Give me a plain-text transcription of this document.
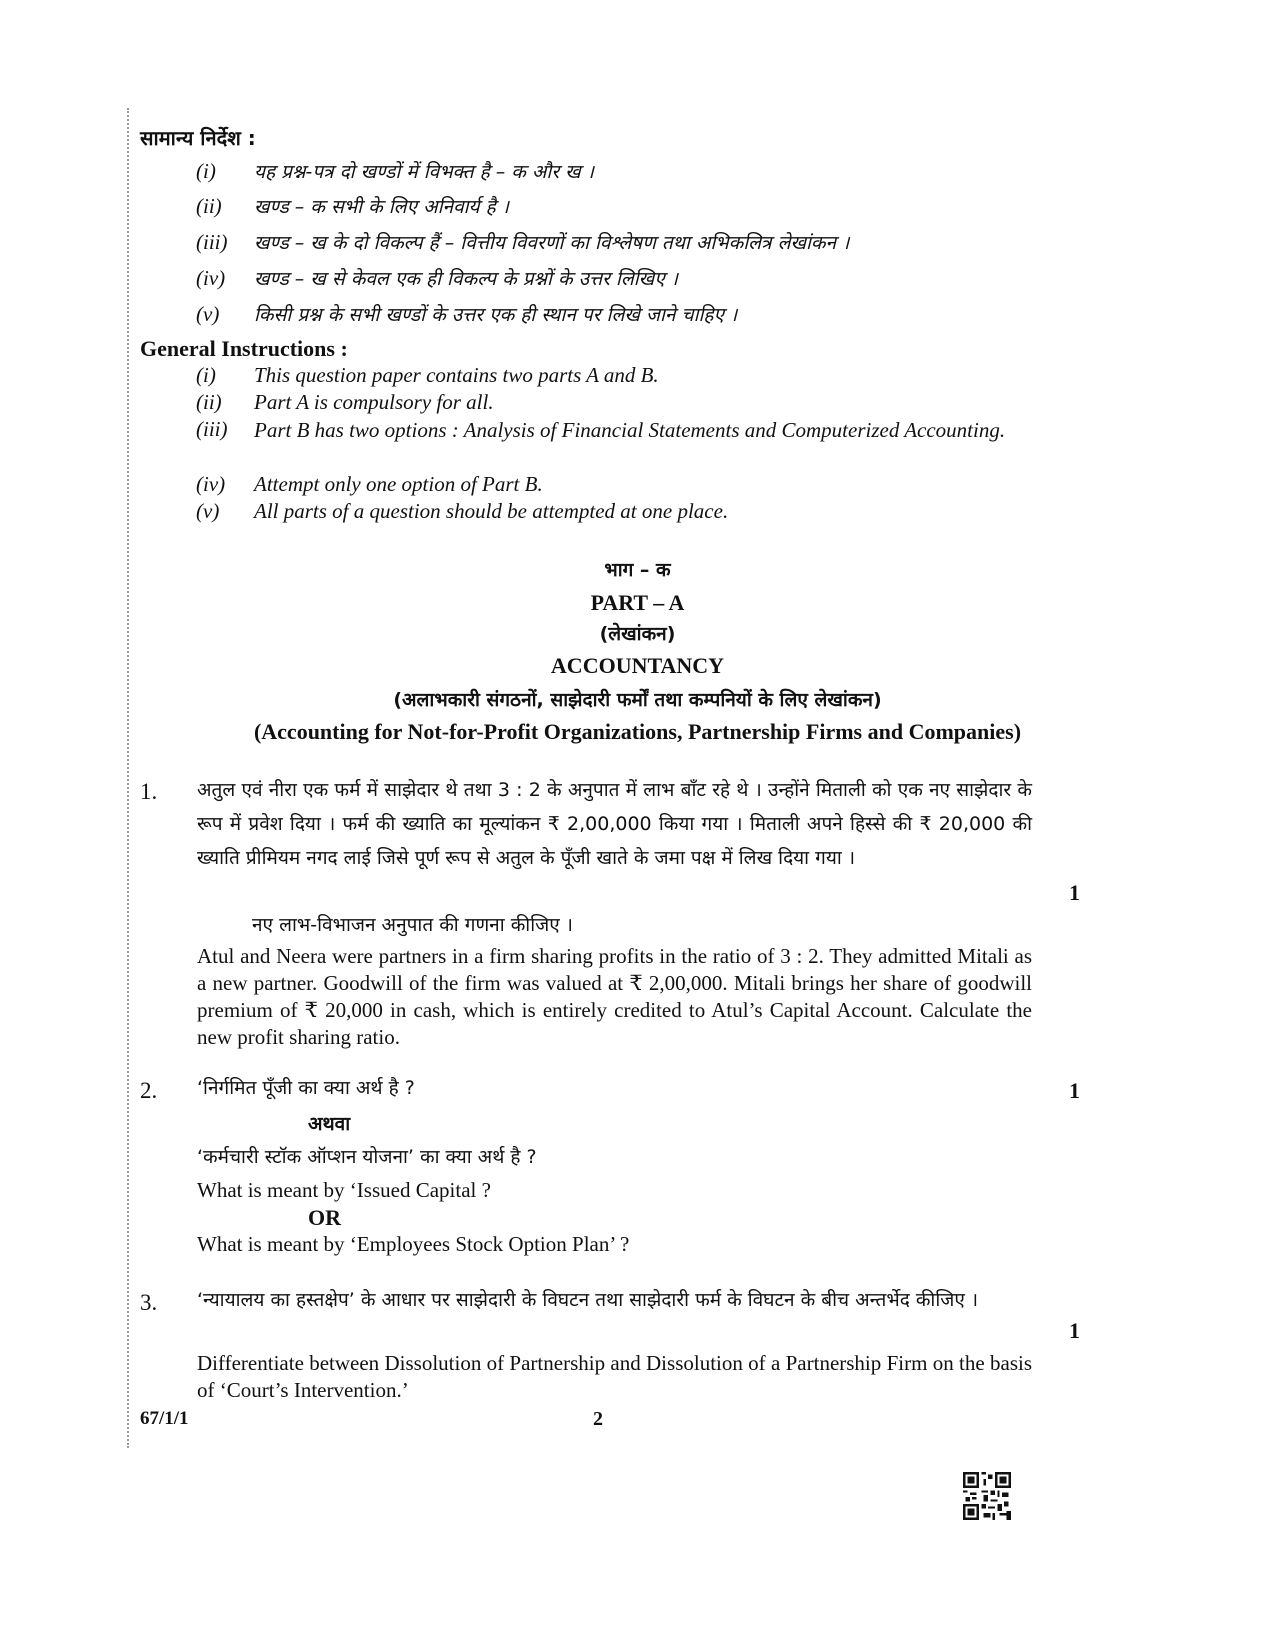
सामान्य निर्देश :
(i) यह प्रश्न-पत्र दो खण्डों में विभक्त है – क और ख ।
(ii) खण्ड – क सभी के लिए अनिवार्य है ।
(iii) खण्ड – ख के दो विकल्प हैं – वित्तीय विवरणों का विश्लेषण तथा अभिकलित्र लेखांकन ।
(iv) खण्ड – ख से केवल एक ही विकल्प के प्रश्नों के उत्तर लिखिए ।
(v) किसी प्रश्न के सभी खण्डों के उत्तर एक ही स्थान पर लिखे जाने चाहिए ।
General Instructions :
(i) This question paper contains two parts A and B.
(ii) Part A is compulsory for all.
(iii)	Part B has two options : Analysis of Financial Statements and Computerized Accounting.
(iv) Attempt only one option of Part B.
(v) All parts of a question should be attempted at one place.
भाग – क
PART – A
(लेखांकन)
ACCOUNTANCY
(अलाभकारी संगठनों, साझेदारी फर्मों तथा कम्पनियों के लिए लेखांकन)
(Accounting for Not-for-Profit Organizations, Partnership Firms and Companies)
1. अतुल एवं नीरा एक फर्म में साझेदार थे तथा 3 : 2 के अनुपात में लाभ बाँट रहे थे । उन्होंने मिताली को एक नए साझेदार के रूप में प्रवेश दिया । फर्म की ख्याति का मूल्यांकन ₹ 2,00,000 किया गया । मिताली अपने हिस्से की ₹ 20,000 की ख्याति प्रीमियम नगद लाई जिसे पूर्ण रूप से अतुल के पूँजी खाते के जमा पक्ष में लिख दिया गया ।
1
नए लाभ-विभाजन अनुपात की गणना कीजिए ।
Atul and Neera were partners in a firm sharing profits in the ratio of 3 : 2. They admitted Mitali as a new partner. Goodwill of the firm was valued at ₹ 2,00,000. Mitali brings her share of goodwill premium of ₹ 20,000 in cash, which is entirely credited to Atul’s Capital Account. Calculate the new profit sharing ratio.
2. ‘निर्गमित पूँजी का क्या अर्थ है ?	1
अथवा
‘कर्मचारी स्टॉक ऑप्शन योजना’ का क्या अर्थ है ?
What is meant by ‘Issued Capital ?
OR
What is meant by ‘Employees Stock Option Plan’ ?
3. ‘न्यायालय का हस्तक्षेप’ के आधार पर साझेदारी के विघटन तथा साझेदारी फर्म के विघटन के बीच अन्तर्भेद कीजिए ।
1
Differentiate between Dissolution of Partnership and Dissolution of a Partnership Firm on the basis of ‘Court’s Intervention.’
67/1/1	2
